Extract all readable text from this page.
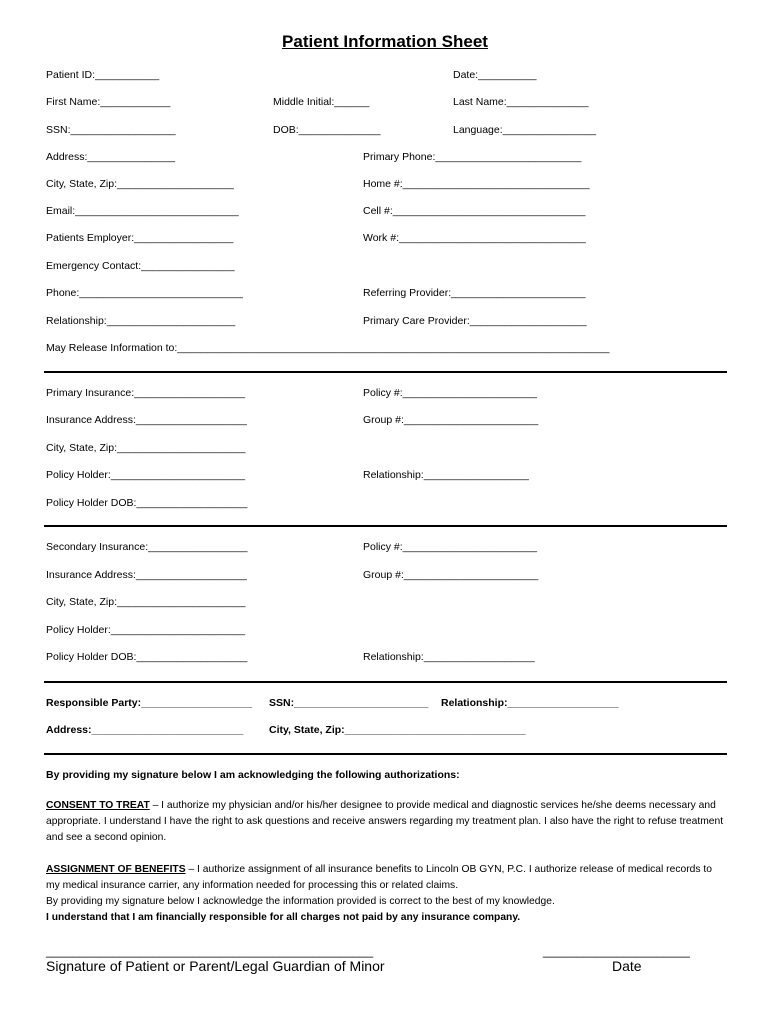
Patient Information Sheet
Patient ID:___________	Date:__________
First Name:____________	Middle Initial:______	Last Name:______________
SSN:__________________	DOB:______________	Language:________________
Address:_______________	Primary Phone:_________________________
City, State, Zip:____________________	Home #:________________________________
Email:____________________________	Cell #:_________________________________
Patients Employer:_________________	Work #:________________________________
Emergency Contact:________________
Phone:____________________________	Referring Provider:_______________________
Relationship:______________________	Primary Care Provider:____________________
May Release Information to:__________________________________________________________________________
Primary Insurance:___________________	Policy #:_______________________
Insurance Address:___________________	Group #:_______________________
City, State, Zip:______________________
Policy Holder:_______________________	Relationship:__________________
Policy Holder DOB:___________________
Secondary Insurance:_________________	Policy #:_______________________
Insurance Address:___________________	Group #:_______________________
City, State, Zip:______________________
Policy Holder:_______________________
Policy Holder DOB:___________________	Relationship:___________________
Responsible Party:___________________ SSN:_______________________ Relationship:___________________
Address:__________________________ City, State, Zip:_______________________________
By providing my signature below I am acknowledging the following authorizations:
CONSENT TO TREAT – I authorize my physician and/or his/her designee to provide medical and diagnostic services he/she deems necessary and appropriate. I understand I have the right to ask questions and receive answers regarding my treatment plan. I also have the right to refuse treatment and see a second opinion.
ASSIGNMENT OF BENEFITS – I authorize assignment of all insurance benefits to Lincoln OB GYN, P.C. I authorize release of medical records to my medical insurance carrier, any information needed for processing this or related claims.
By providing my signature below I acknowledge the information provided is correct to the best of my knowledge.
I understand that I am financially responsible for all charges not paid by any insurance company.
_________________________________________________
Signature of Patient or Parent/Legal Guardian of Minor
______________________
Date
